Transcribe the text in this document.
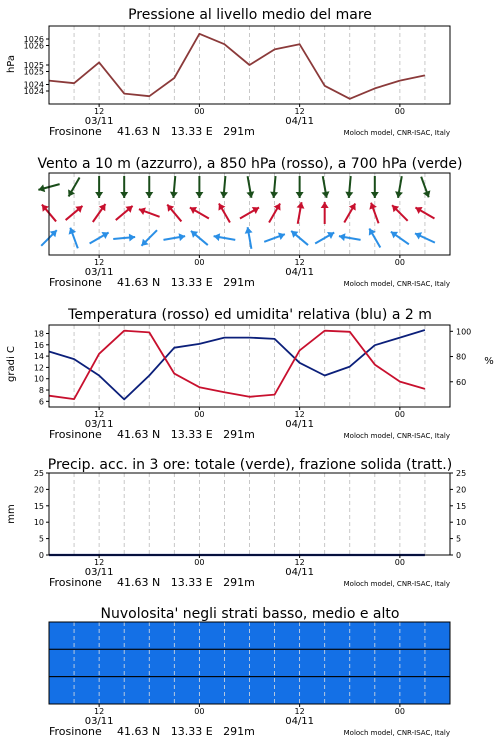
Pressione al livello medio del mare
hPa
1024
1024
1025
1025
1026
1026
12	00	12	00
03/11	04/11
Frosinone 41.63 N   13.33 E   291m	Moloch model, CNR-ISAC, Italy
Vento a 10 m (azzurro), a 850 hPa (rosso), a 700 hPa (verde)
12	00	12	00
03/11	04/11
Frosinone 41.63 N   13.33 E   291m	Moloch model, CNR-ISAC, Italy
Temperatura (rosso) ed umidita' relativa (blu) a 2 m
gradi C	%
6
8
10
12
14
16
18
60
80
100
12	00	12	00
03/11	04/11
Frosinone 41.63 N   13.33 E   291m	Moloch model, CNR-ISAC, Italy
Precip. acc. in 3 ore: totale (verde), frazione solida (tratt.)
mm
0
5
10
15
20
25
0
5
10
15
20
25
12	00	12	00
03/11	04/11
Frosinone 41.63 N   13.33 E   291m	Moloch model, CNR-ISAC, Italy
Nuvolosita' negli strati basso, medio e alto
12	00	12	00
03/11	04/11
Frosinone 41.63 N   13.33 E   291m	Moloch model, CNR-ISAC, Italy
